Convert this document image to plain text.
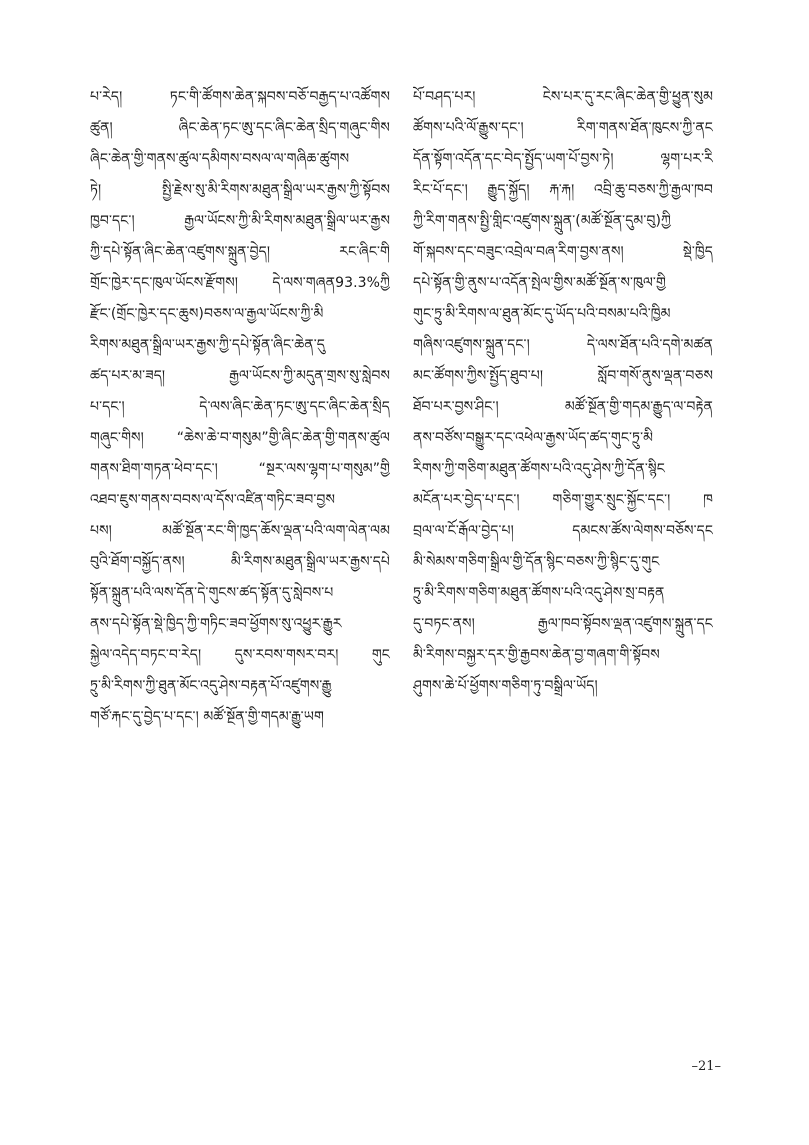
པ་རེད། ཏང་གི་ཚོགས་ཆེན་སྐབས་བཅོ་བརྒྱད་པ་འཚོགས
ཚུན། ཞིང་ཆེན་ཏང་ཨུ་དང་ཞིང་ཆེན་སྲིད་གཞུང་གིས
ཞིང་ཆེན་གྱི་གནས་ཚུལ་དམིགས་བསལ་ལ་གཞིཆ་ཚུགས
ཏེ། སྤྱི་རྗེས་སུ་མི་རིགས་མཐུན་སྒྲིལ་ཡར་རྒྱས་ཀྱི་སྟོབས
ཁྱབ་དང་། རྒྱལ་ཡོངས་ཀྱི་མི་རིགས་མཐུན་སྒྲིལ་ཡར་རྒྱས
ཀྱི་དཔེ་སྟོན་ཞིང་ཆེན་འཛུགས་སྐྲུན་བྱེད། རང་ཞིང་གི
གྲོང་ཁྱེར་དང་ཁུལ་ཡོངས་རྫོགས། དེ་ལས་གཞན93.3%ཀྱི
རྫོང་(གྲོང་ཁྱེར་དང་ཆུས)བཅས་ལ་རྒྱལ་ཡོངས་ཀྱི་མི
རིགས་མཐུན་སྒྲིལ་ཡར་རྒྱས་ཀྱི་དཔེ་སྟོན་ཞིང་ཆེན་དུ
ཚད་པར་མ་ཟད། རྒྱལ་ཡོངས་ཀྱི་མདུན་གྲས་སུ་སླེབས
པ་དང་། དེ་ལས་ཞིང་ཆེན་ཏང་ཨུ་དང་ཞིང་ཆེན་སྲིད
གཞུང་གིས། “ཆེས་ཆེ་བ་གསུམ”གྱི་ཞིང་ཆེན་གྱི་གནས་ཚུལ
གནས་ཐིག་གཏན་ཕེབ་དང་། “སྔར་ལས་ལྷག་པ་གསུམ”གྱི
འཐབ་ཇུས་གནས་བབས་ལ་དོས་འཛིན་གཏིང་ཟབ་བྱས
པས། མཚོ་སྔོན་རང་གི་ཁྱད་ཆོས་ལྡན་པའི་ལག་ལེན་ལམ
བུའི་ཐོག་བསྐྱོད་ནས། མི་རིགས་མཐུན་སྒྲིལ་ཡར་རྒྱས་དཔེ
སྟོན་སྐྲུན་པའི་ལས་དོན་དེ་གུངས་ཚད་སྟོན་དུ་སླེབས་པ
ནས་དཔེ་སྟོན་སྡེ་ཁྱིད་ཀྱི་གཏིང་ཟབ་ཕྱོགས་སུ་འཕྱུར་རྒྱུར
སྐྱེལ་འདེད་བཏང་བ་རེད། དུས་རབས་གསར་བར། གུང
ཏྲུ་མི་རིགས་ཀྱི་ཐུན་མོང་འདུ་ཤེས་བརྟན་པོ་འཛུགས་རྒྱུ
གཙོ་རྐང་དུ་བྱེད་པ་དང་། མཚོ་སྔོན་གྱི་གདམ་རྒྱུ་ཡག
པོ་བཤད་པར། ངེས་པར་དུ་རང་ཞིང་ཆེན་གྱི་ཕྱུན་སུམ
ཚོགས་པའི་ལོ་རྒྱུས་དང་། རིག་གནས་ཐོན་ཁུངས་ཀྱི་ནང
དོན་སྟོག་འདོན་དང་བེད་སྤྱོད་ཡག་པོ་བྱས་ཏེ། ལྷག་པར་རི
རིང་པོ་དང་། རྒྱུད་སྐྱོད། རྐ་རྐ། འབྲི་ཆུ་བཅས་ཀྱི་རྒྱལ་ཁབ
ཀྱི་རིག་གནས་སྤྱི་གླིང་འཛུགས་སྐྲུན་(མཚོ་སྔོན་དུམ་བུ)ཀྱི
གོ་སྐབས་དང་བཟུང་འབྲེལ་བཞ་རིག་བྱས་ནས། སྡེ་ཁྱིད
དཔེ་སྟོན་གྱི་ནུས་པ་འདོན་སྤེལ་གྱིས་མཚོ་སྔོན་ས་ཁུལ་གྱི
གུང་ཏྲུ་མི་རིགས་ལ་ཐུན་མོང་དུ་ཡོད་པའི་བསམ་པའི་ཁྱིམ
གཞིས་འཛུགས་སྐྲུན་དང་། དེ་ལས་ཐོན་པའི་དགེ་མཚན
མང་ཚོགས་ཀྱིས་སྤྱོད་ཐུབ་པ། སློབ་གསོ་ནུས་ལྡན་བཅས
ཐོབ་པར་བྱས་ཤིང་། མཚོ་སྔོན་གྱི་གདམ་རྒྱུད་ལ་བརྟེན
ནས་བཙོས་བསྒྱུར་དང་འཕེལ་རྒྱས་ཡོད་ཚད་གུང་ཏྲུ་མི
རིགས་ཀྱི་གཅིག་མཐུན་ཚོགས་པའི་འདུ་ཤེས་ཀྱི་དོན་སྙིང
མངོན་པར་བྱེད་པ་དང་། གཅིག་གྱུར་སྲུང་སྐྱོང་དང་། ཁ
བྲལ་ལ་ངོ་རྒོལ་བྱེད་པ། དམངས་ཚོས་ལེགས་བཅོས་དང
མི་སེམས་གཅིག་སྒྲིལ་གྱི་དོན་སྙིང་བཅས་ཀྱི་སྙིང་དུ་གུང
ཏྲུ་མི་རིགས་གཅིག་མཐུན་ཚོགས་པའི་འདུ་ཤེས་སྲ་བརྟན
དུ་བཏང་ནས། རྒྱལ་ཁབ་སྟོབས་ལྡན་འཛུགས་སྐྲུན་དང
མི་རིགས་བསྐྱར་དར་གྱི་རྒྱབས་ཆེན་བྱ་གཞག་གི་སྟོབས
ཤུགས་ཆེ་པོ་ཕྱོགས་གཅིག་ཏུ་བསྒྲིལ་ཡོད།
–21–
